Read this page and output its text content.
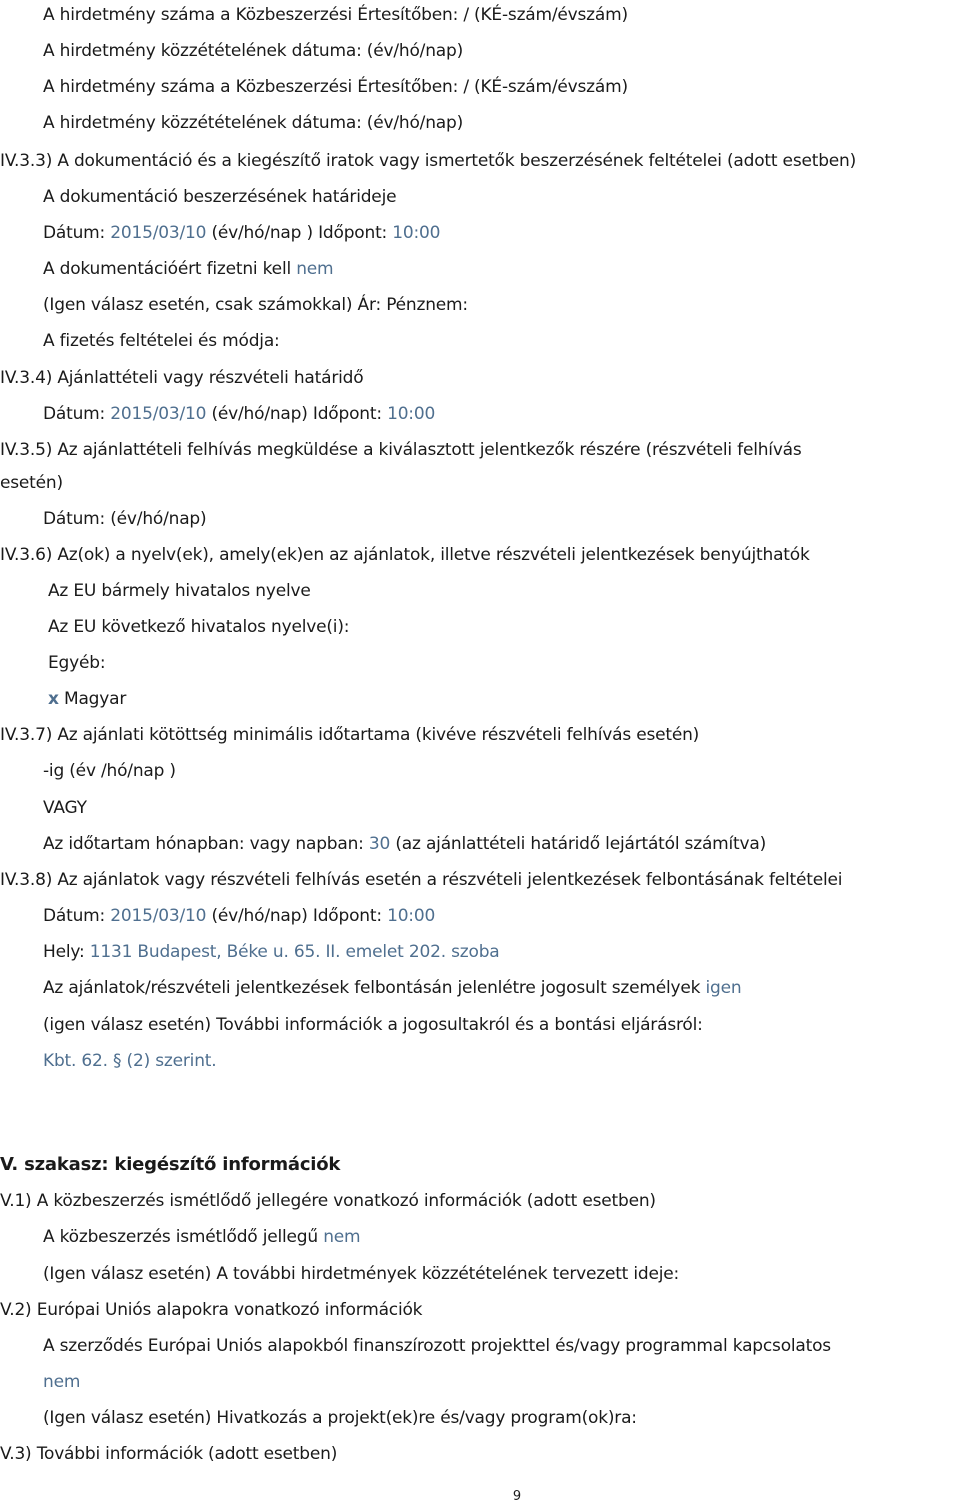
A hirdetmény száma a Közbeszerzési Értesítőben: / (KÉ-szám/évszám)
A hirdetmény közzétételének dátuma: (év/hó/nap)
A hirdetmény száma a Közbeszerzési Értesítőben: / (KÉ-szám/évszám)
A hirdetmény közzétételének dátuma: (év/hó/nap)
IV.3.3) A dokumentáció és a kiegészítő iratok vagy ismertetők beszerzésének feltételei (adott esetben)
A dokumentáció beszerzésének határideje
Dátum: 2015/03/10 (év/hó/nap ) Időpont: 10:00
A dokumentációért fizetni kell nem
(Igen válasz esetén, csak számokkal) Ár: Pénznem:
A fizetés feltételei és módja:
IV.3.4) Ajánlattételi vagy részvételi határidő
Dátum: 2015/03/10 (év/hó/nap) Időpont: 10:00
IV.3.5) Az ajánlattételi felhívás megküldése a kiválasztott jelentkezők részére (részvételi felhívás
esetén)
Dátum: (év/hó/nap)
IV.3.6) Az(ok) a nyelv(ek), amely(ek)en az ajánlatok, illetve részvételi jelentkezések benyújthatók
Az EU bármely hivatalos nyelve
Az EU következő hivatalos nyelve(i):
Egyéb:
x Magyar
IV.3.7) Az ajánlati kötöttség minimális időtartama (kivéve részvételi felhívás esetén)
-ig (év /hó/nap )
VAGY
Az időtartam hónapban: vagy napban: 30 (az ajánlattételi határidő lejártától számítva)
IV.3.8) Az ajánlatok vagy részvételi felhívás esetén a részvételi jelentkezések felbontásának feltételei
Dátum: 2015/03/10 (év/hó/nap) Időpont: 10:00
Hely: 1131 Budapest, Béke u. 65. II. emelet 202. szoba
Az ajánlatok/részvételi jelentkezések felbontásán jelenlétre jogosult személyek igen
(igen válasz esetén) További információk a jogosultakról és a bontási eljárásról:
Kbt. 62. § (2) szerint.
V. szakasz: kiegészítő információk
V.1) A közbeszerzés ismétlődő jellegére vonatkozó információk (adott esetben)
A közbeszerzés ismétlődő jellegű nem
(Igen válasz esetén) A további hirdetmények közzétételének tervezett ideje:
V.2) Európai Uniós alapokra vonatkozó információk
A szerződés Európai Uniós alapokból finanszírozott projekttel és/vagy programmal kapcsolatos
nem
(Igen válasz esetén) Hivatkozás a projekt(ek)re és/vagy program(ok)ra:
V.3) További információk (adott esetben)
9
